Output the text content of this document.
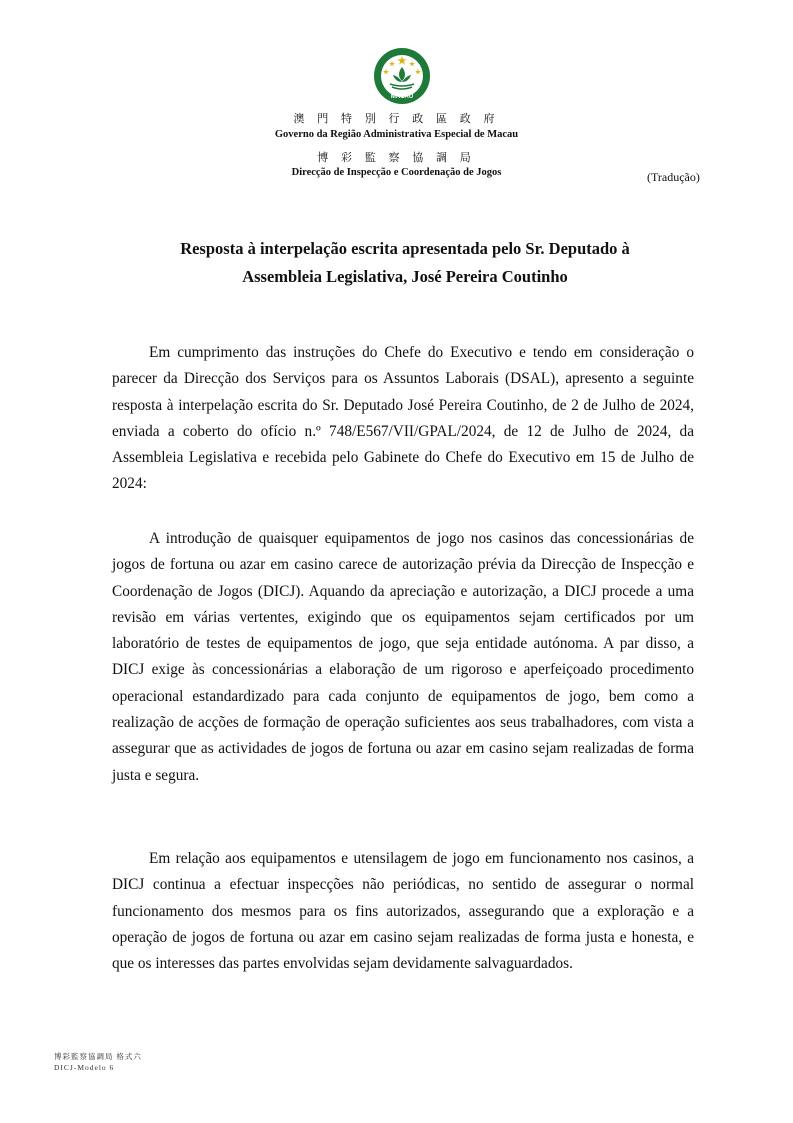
MACAU
澳 門 特 別 行 政 區 政 府
Governo da Região Administrativa Especial de Macau
博 彩 監 察 協 調 局
Direcção de Inspecção e Coordenação de Jogos	(Tradução)
Resposta à interpelação escrita apresentada pelo Sr. Deputado à
Assembleia Legislativa, José Pereira Coutinho

Em cumprimento das instruções do Chefe do Executivo e tendo em consideração o parecer da Direcção dos Serviços para os Assuntos Laborais (DSAL), apresento a seguinte resposta à interpelação escrita do Sr. Deputado José Pereira Coutinho, de 2 de Julho de 2024, enviada a coberto do ofício n.º 748/E567/VII/GPAL/2024, de 12 de Julho de 2024, da Assembleia Legislativa e recebida pelo Gabinete do Chefe do Executivo em 15 de Julho de 2024:

A introdução de quaisquer equipamentos de jogo nos casinos das concessionárias de jogos de fortuna ou azar em casino carece de autorização prévia da Direcção de Inspecção e Coordenação de Jogos (DICJ). Aquando da apreciação e autorização, a DICJ procede a uma revisão em várias vertentes, exigindo que os equipamentos sejam certificados por um laboratório de testes de equipamentos de jogo, que seja entidade autónoma. A par disso, a DICJ exige às concessionárias a elaboração de um rigoroso e aperfeiçoado procedimento operacional estandardizado para cada conjunto de equipamentos de jogo, bem como a realização de acções de formação de operação suficientes aos seus trabalhadores, com vista a assegurar que as actividades de jogos de fortuna ou azar em casino sejam realizadas de forma justa e segura.

Em relação aos equipamentos e utensilagem de jogo em funcionamento nos casinos, a DICJ continua a efectuar inspecções não periódicas, no sentido de assegurar o normal funcionamento dos mesmos para os fins autorizados, assegurando que a exploração e a operação de jogos de fortuna ou azar em casino sejam realizadas de forma justa e honesta, e que os interesses das partes envolvidas sejam devidamente salvaguardados.

博彩監察協調局 格式六
DICJ-Modelo 6
